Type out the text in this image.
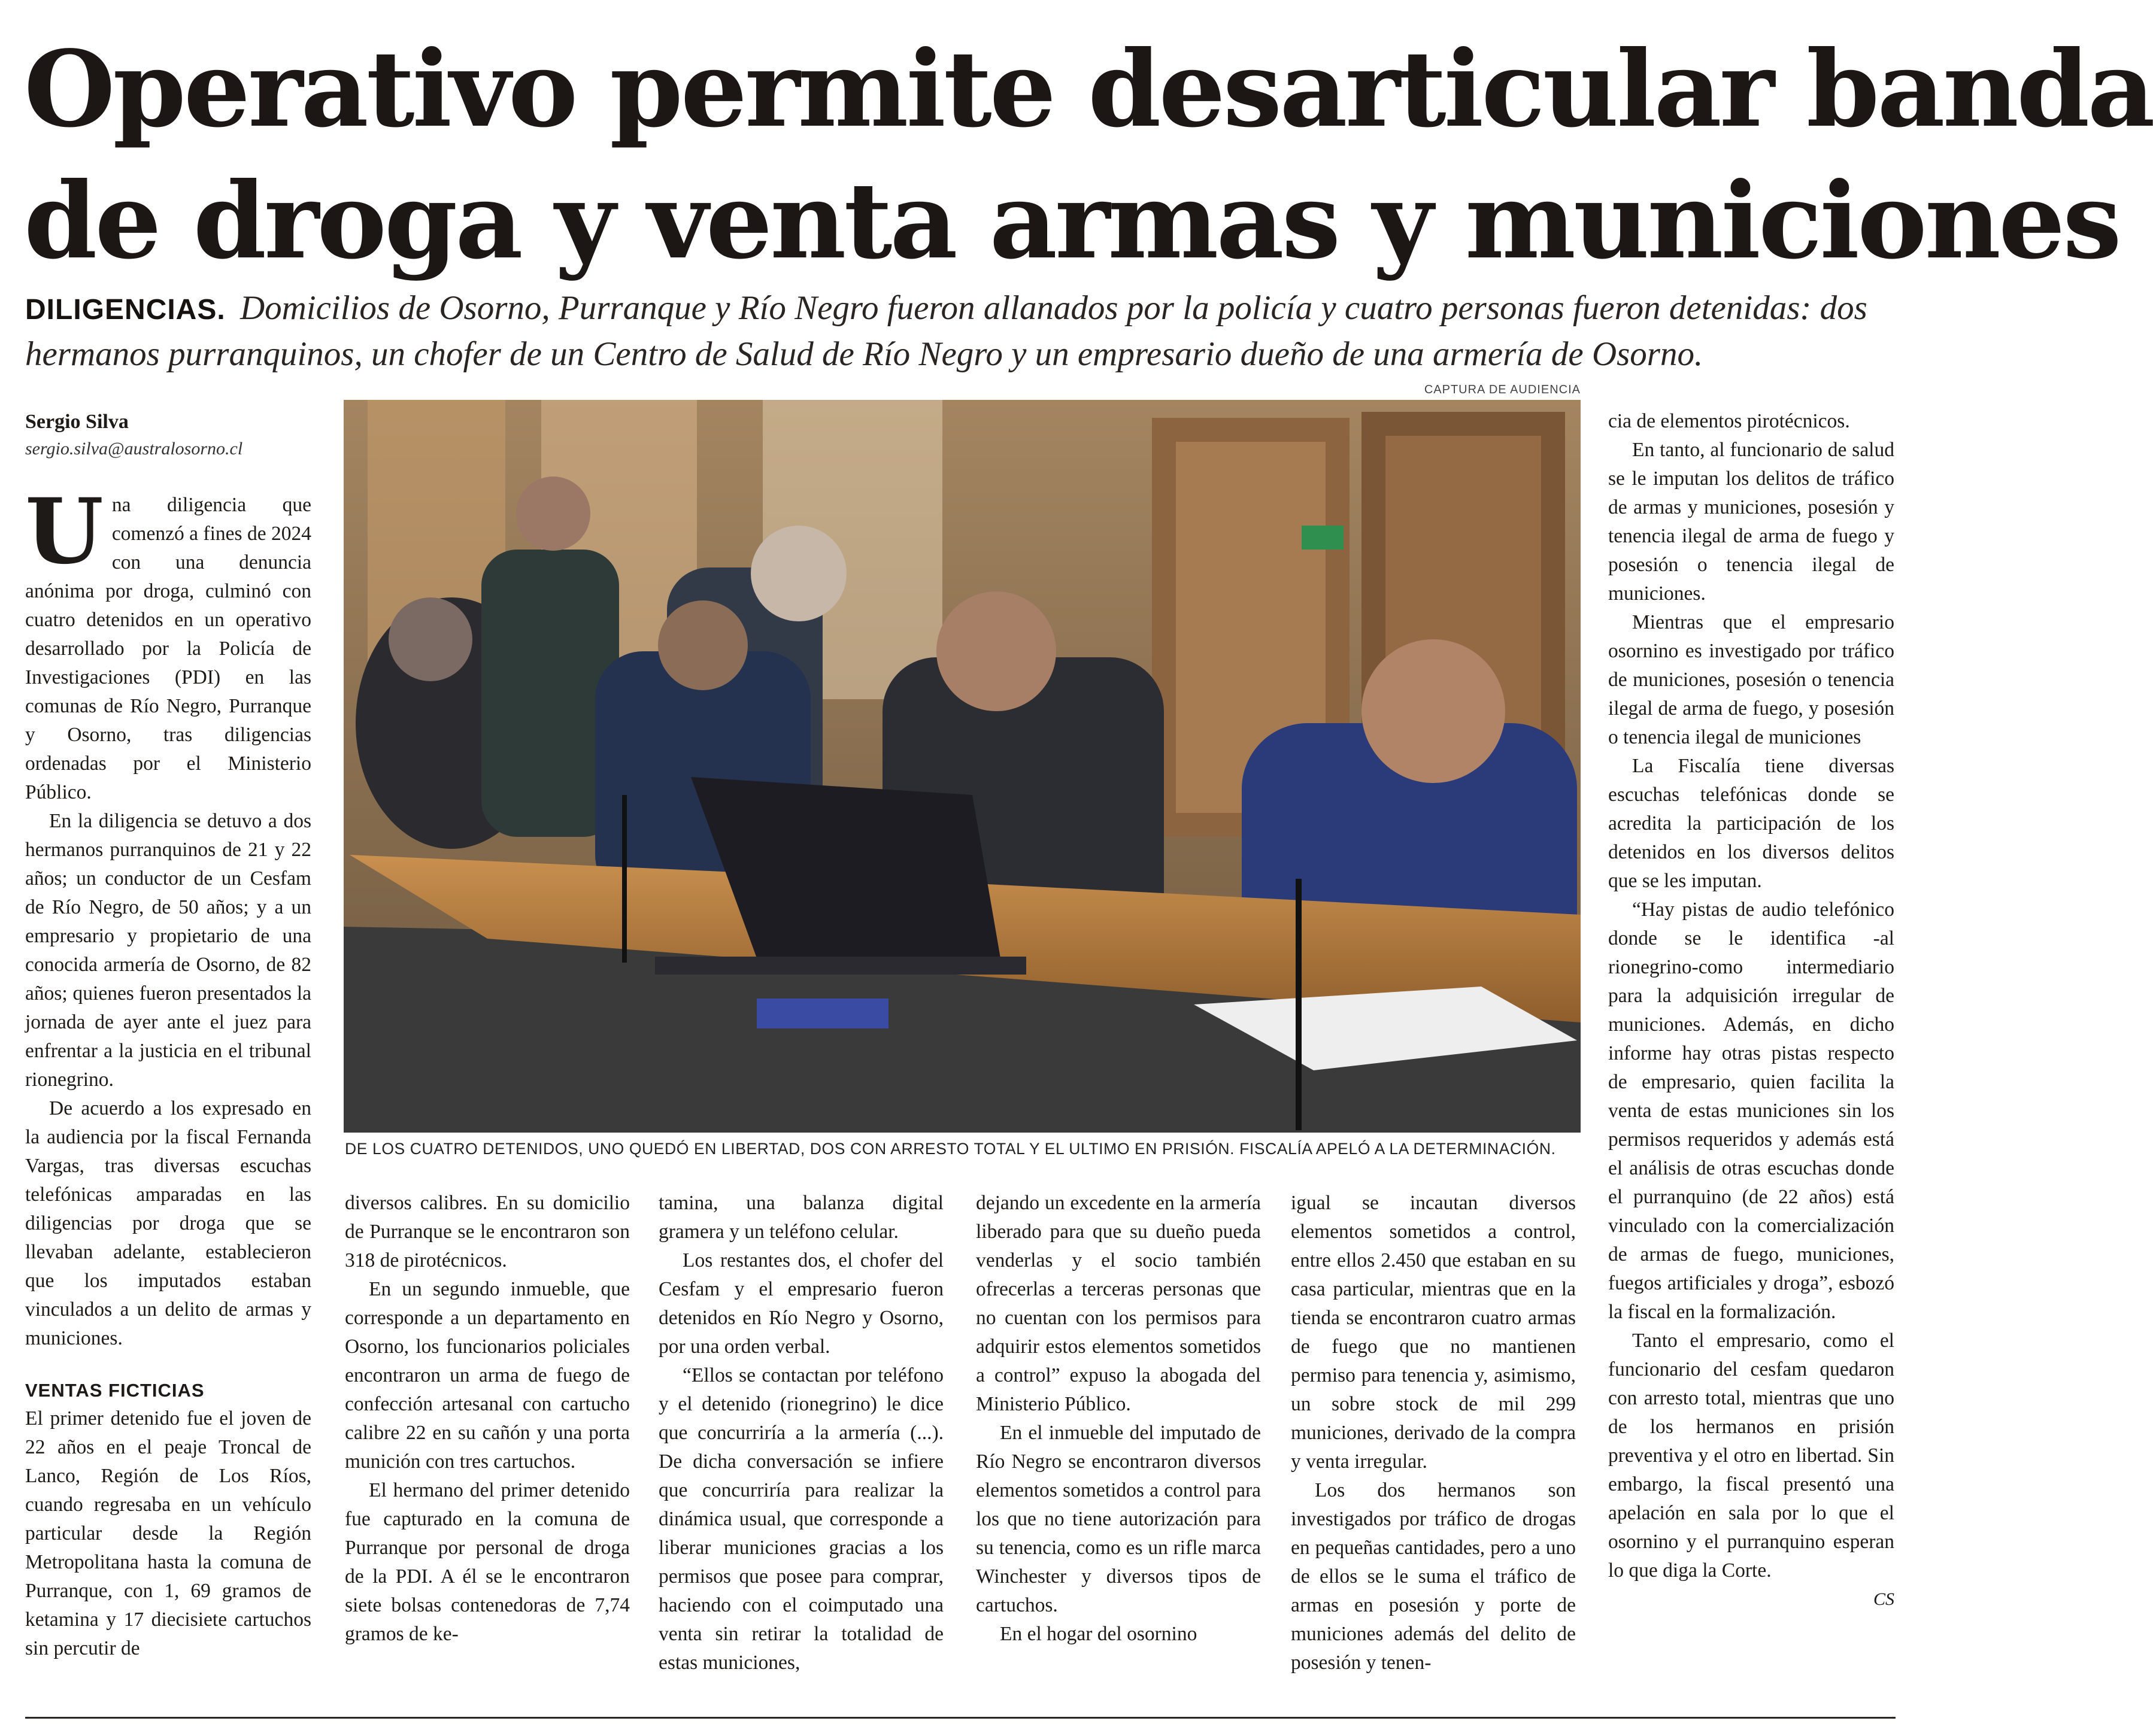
Operativo permite desarticular banda
de droga y venta armas y municiones
DILIGENCIAS. Domicilios de Osorno, Purranque y Río Negro fueron allanados por la policía y cuatro personas fueron detenidas: dos hermanos purranquinos, un chofer de un Centro de Salud de Río Negro y un empresario dueño de una armería de Osorno.
Sergio Silva
sergio.silva@australosorno.cl

Una diligencia que comenzó a fines de 2024 con una denuncia anónima por droga, culminó con cuatro detenidos en un operativo desarrollado por la Policía de Investigaciones (PDI) en las comunas de Río Negro, Purranque y Osorno, tras diligencias ordenadas por el Ministerio Público.

En la diligencia se detuvo a dos hermanos purranquinos de 21 y 22 años; un conductor de un Cesfam de Río Negro, de 50 años; y a un empresario y propietario de una conocida armería de Osorno, de 82 años; quienes fueron presentados la jornada de ayer ante el juez para enfrentar a la justicia en el tribunal rionegrino.

De acuerdo a los expresado en la audiencia por la fiscal Fernanda Vargas, tras diversas escuchas telefónicas amparadas en las diligencias por droga que se llevaban adelante, establecieron que los imputados estaban vinculados a un delito de armas y municiones.

VENTAS FICTICIAS

El primer detenido fue el joven de 22 años en el peaje Troncal de Lanco, Región de Los Ríos, cuando regresaba en un vehículo particular desde la Región Metropolitana hasta la comuna de Purranque, con 1, 69 gramos de ketamina y 17 diecisiete cartuchos sin percutir de

CAPTURA DE AUDIENCIA
DE LOS CUATRO DETENIDOS, UNO QUEDÓ EN LIBERTAD, DOS CON ARRESTO TOTAL Y EL ULTIMO EN PRISIÓN. FISCALÍA APELÓ A LA DETERMINACIÓN.

diversos calibres. En su domicilio de Purranque se le encontraron son 318 de pirotécnicos.

En un segundo inmueble, que corresponde a un departamento en Osorno, los funcionarios policiales encontraron un arma de fuego de confección artesanal con cartucho calibre 22 en su cañón y una porta munición con tres cartuchos.

El hermano del primer detenido fue capturado en la comuna de Purranque por personal de droga de la PDI. A él se le encontraron siete bolsas contenedoras de 7,74 gramos de ke-

tamina, una balanza digital gramera y un teléfono celular.

Los restantes dos, el chofer del Cesfam y el empresario fueron detenidos en Río Negro y Osorno, por una orden verbal.

“Ellos se contactan por teléfono y el detenido (rionegrino) le dice que concurriría a la armería (...). De dicha conversación se infiere que concurriría para realizar la dinámica usual, que corresponde a liberar municiones gracias a los permisos que posee para comprar, haciendo con el coimputado una venta sin retirar la totalidad de estas municiones,

dejando un excedente en la armería liberado para que su dueño pueda venderlas y el socio también ofrecerlas a terceras personas que no cuentan con los permisos para adquirir estos elementos sometidos a control” expuso la abogada del Ministerio Público.

En el inmueble del imputado de Río Negro se encontraron diversos elementos sometidos a control para los que no tiene autorización para su tenencia, como es un rifle marca Winchester y diversos tipos de cartuchos.

En el hogar del osornino

igual se incautan diversos elementos sometidos a control, entre ellos 2.450 que estaban en su casa particular, mientras que en la tienda se encontraron cuatro armas de fuego que no mantienen permiso para tenencia y, asimismo, un sobre stock de mil 299 municiones, derivado de la compra y venta irregular.

Los dos hermanos son investigados por tráfico de drogas en pequeñas cantidades, pero a uno de ellos se le suma el tráfico de armas en posesión y porte de municiones además del delito de posesión y tenen-

cia de elementos pirotécnicos.

En tanto, al funcionario de salud se le imputan los delitos de tráfico de armas y municiones, posesión y tenencia ilegal de arma de fuego y posesión o tenencia ilegal de municiones.

Mientras que el empresario osornino es investigado por tráfico de municiones, posesión o tenencia ilegal de arma de fuego, y posesión o tenencia ilegal de municiones

La Fiscalía tiene diversas escuchas telefónicas donde se acredita la participación de los detenidos en los diversos delitos que se les imputan.

“Hay pistas de audio telefónico donde se le identifica -al rionegrino-como intermediario para la adquisición irregular de municiones. Además, en dicho informe hay otras pistas respecto de empresario, quien facilita la venta de estas municiones sin los permisos requeridos y además está el análisis de otras escuchas donde el purranquino (de 22 años) está vinculado con la comercialización de armas de fuego, municiones, fuegos artificiales y droga”, esbozó la fiscal en la formalización.

Tanto el empresario, como el funcionario del cesfam quedaron con arresto total, mientras que uno de los hermanos en prisión preventiva y el otro en libertad. Sin embargo, la fiscal presentó una apelación en sala por lo que el osornino y el purranquino esperan lo que diga la Corte.

CS
